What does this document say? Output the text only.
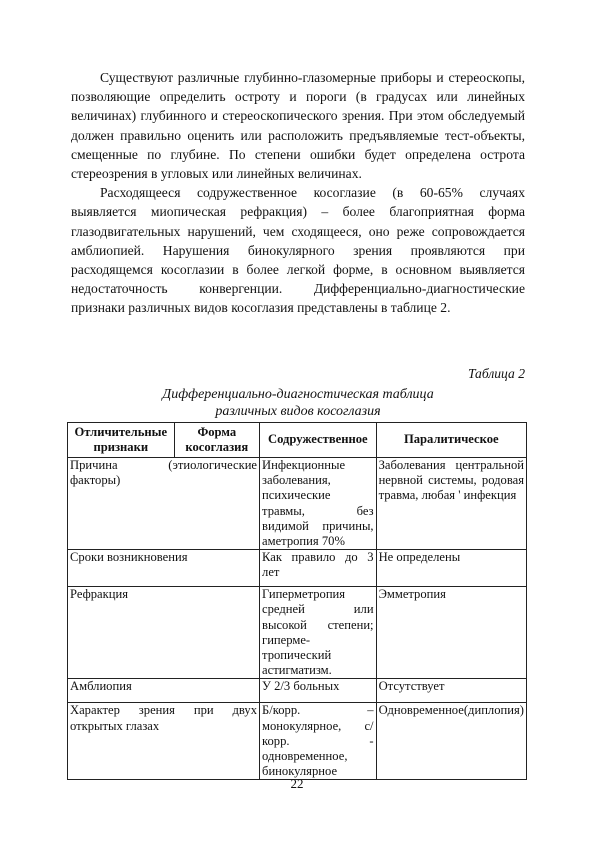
Существуют различные глубинно-глазомерные приборы и стереоскопы, позволяющие определить остроту и пороги (в градусах или линейных величинах) глубинного и стереоскопического зрения. При этом обследуемый должен правильно оценить или расположить предъявляемые тест-объекты, смещенные по глубине. По степени ошибки будет определена острота стереозрения в угловых или линейных величинах.

Расходящееся содружественное косоглазие (в 60-65% случаях выявляется миопическая рефракция) – более благоприятная форма глазодвигательных нарушений, чем сходящееся, оно реже сопровождается амблиопией. Нарушения бинокулярного зрения проявляются при расходящемся косоглазии в более легкой форме, в основном выявляется недостаточность конвергенции. Дифференциально-диагностические признаки различных видов косоглазия представлены в таблице 2.

Таблица 2
Дифференциально-диагностическая таблица
различных видов косоглазия
Отличительные признаки	Форма косоглазия	Содружественное	Паралитическое
Причина (этиологические факторы)		Инфекционные заболевания, психические травмы, без видимой причины, аметропия 70%	Заболевания центральной нервной системы, родовая травма, любая ' инфекция
Сроки возникновения		Как правило до 3 лет	Не определены
Рефракция		Гиперметропия средней или высокой степени; гиперме-тропический астигматизм.	Эмметропия
Амблиопия		У 2/3 больных	Отсутствует
Характер зрения при двух открытых глазах		Б/корр. – монокулярное, с/корр. - одновременное, бинокулярное	Одновременное(диплопия)
22
